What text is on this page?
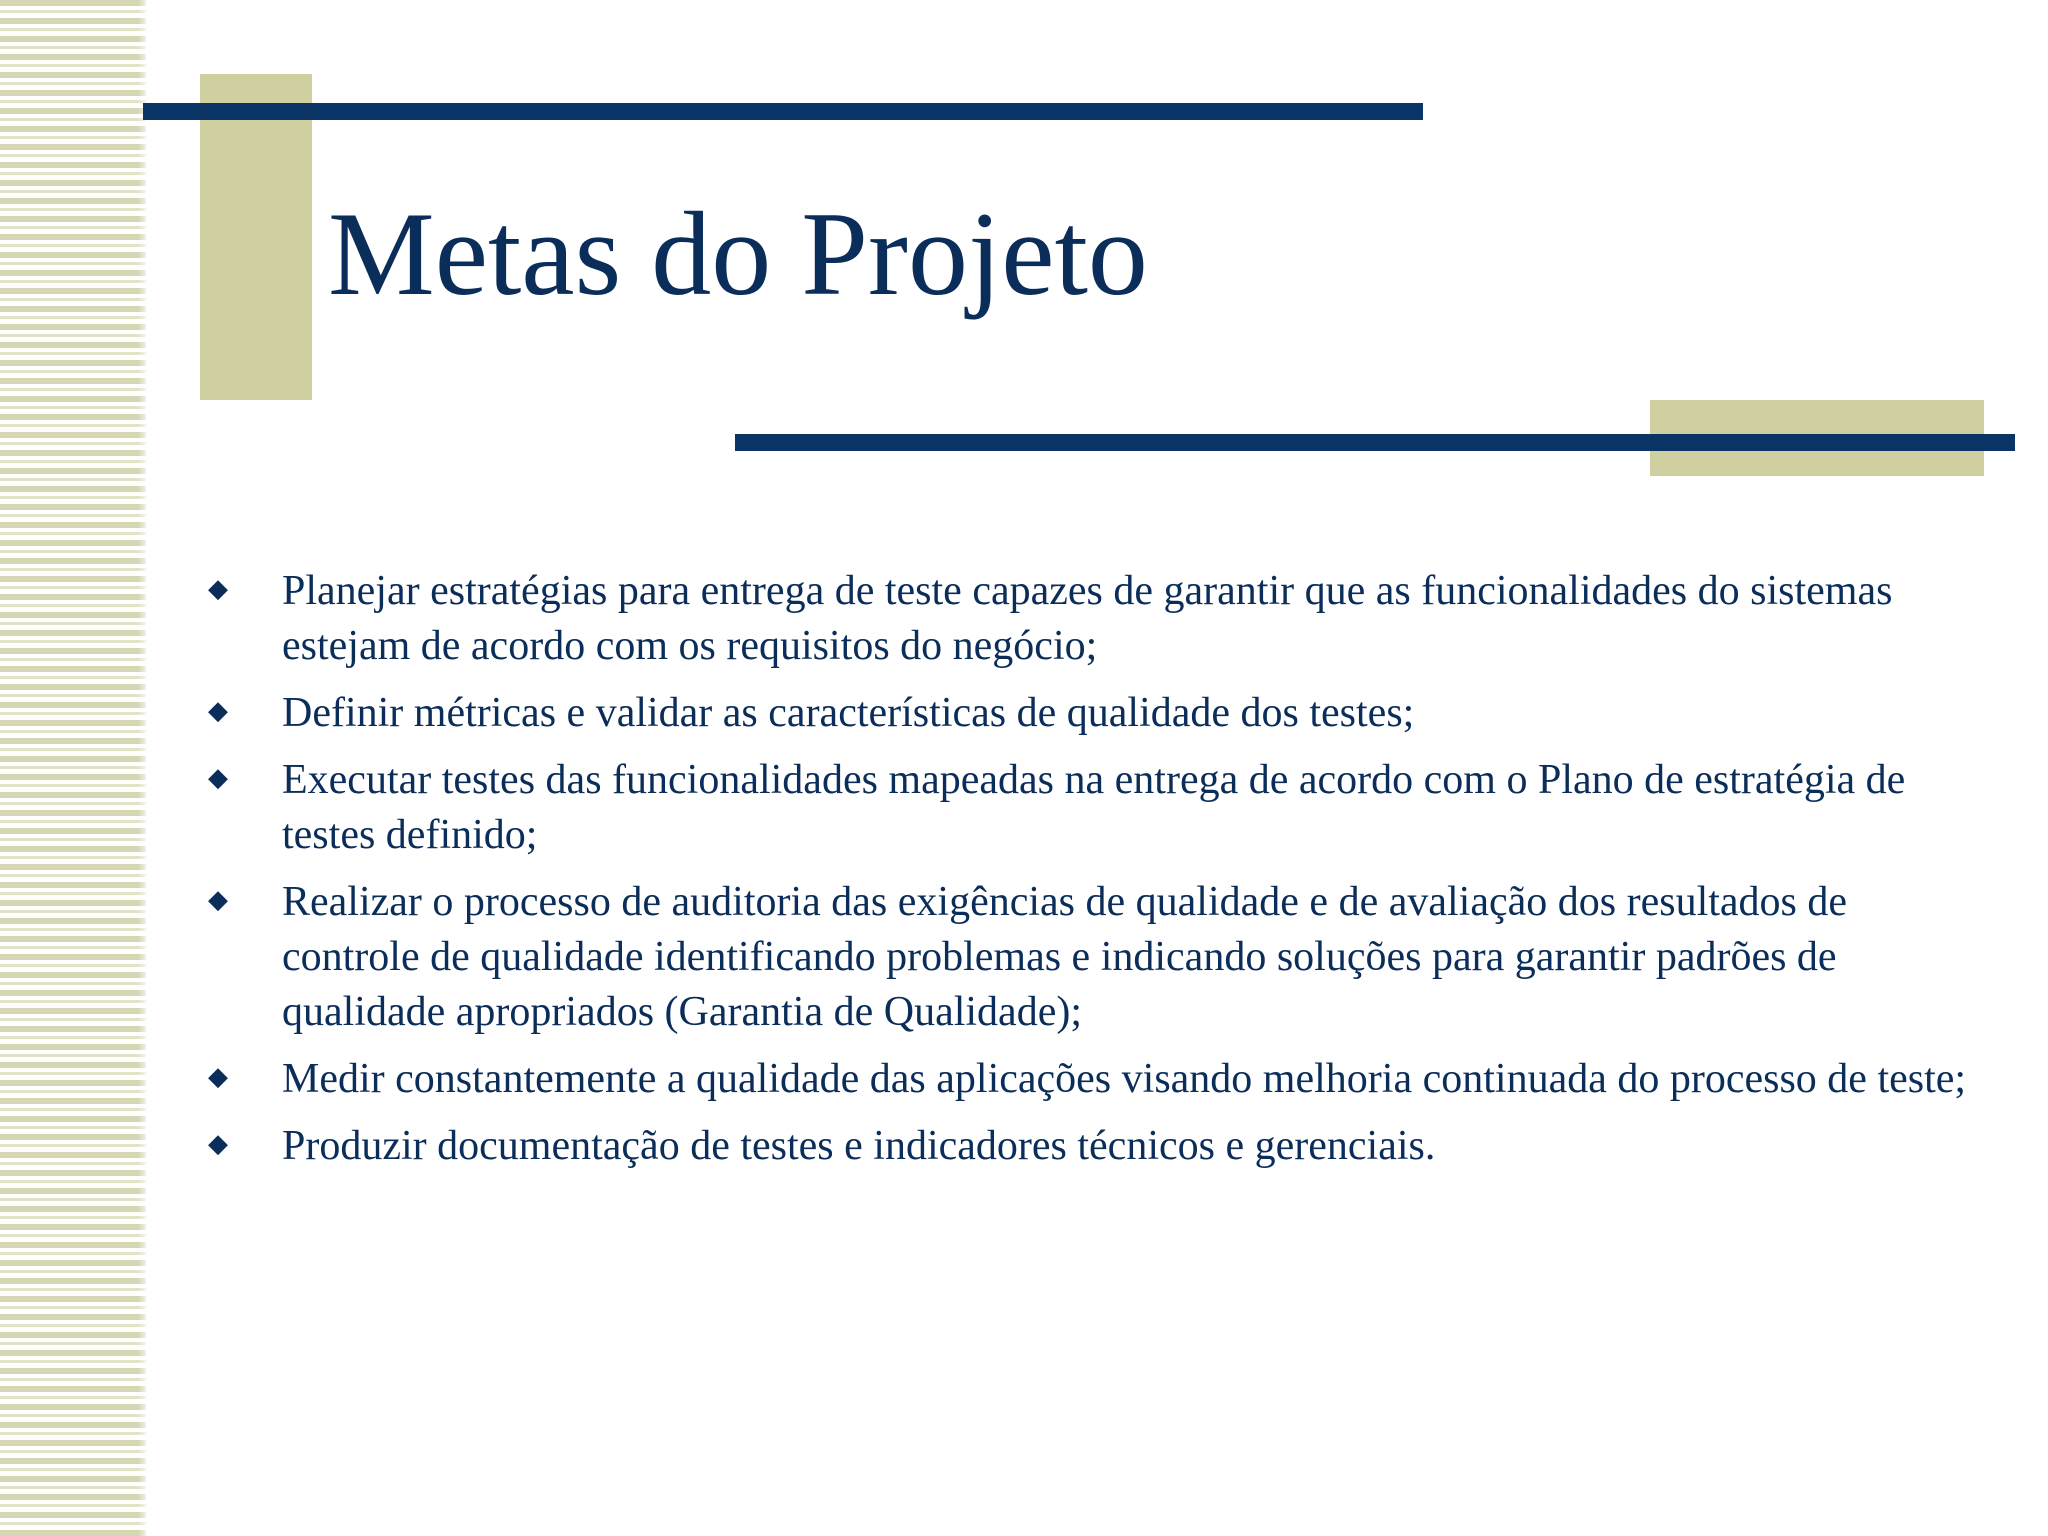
Metas do Projeto
◆ Planejar estratégias para entrega de teste capazes de garantir que as funcionalidades do sistemas estejam de acordo com os requisitos do negócio;
◆ Definir métricas e validar as características de qualidade dos testes;
◆ Executar testes das funcionalidades mapeadas na entrega de acordo com o Plano de estratégia de testes definido;
◆ Realizar o processo de auditoria das exigências de qualidade e de avaliação dos resultados de controle de qualidade identificando problemas e indicando soluções para garantir padrões de qualidade apropriados (Garantia de Qualidade);
◆ Medir constantemente a qualidade das aplicações visando melhoria continuada do processo de teste;
◆ Produzir documentação de testes e indicadores técnicos e gerenciais.
